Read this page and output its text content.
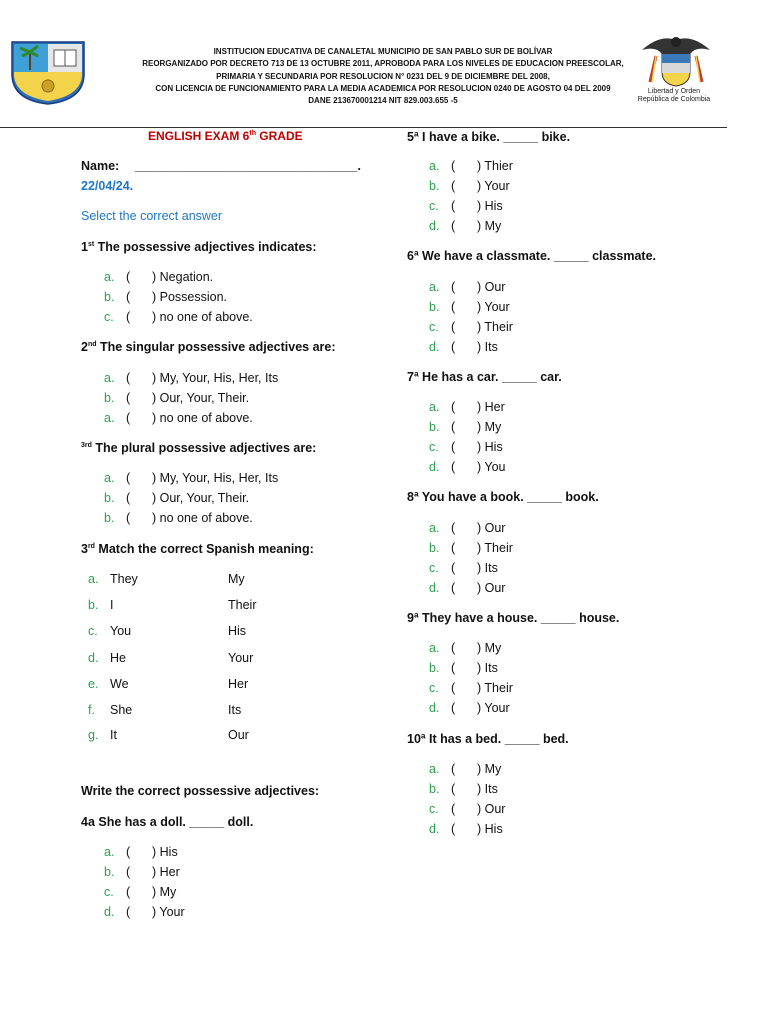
INSTITUCION EDUCATIVA DE CANALETAL MUNICIPIO DE SAN PABLO SUR DE BOLÍVAR
REORGANIZADO POR DECRETO 713 DE 13 OCTUBRE 2011, APROBODA PARA LOS NIVELES DE EDUCACION PREESCOLAR,
PRIMARIA Y SECUNDARIA POR RESOLUCION N° 0231 DEL 9 DE DICIEMBRE DEL 2008,
CON LICENCIA DE FUNCIONAMIENTO PARA LA MEDIA ACADEMICA POR RESOLUCION 0240 DE AGOSTO 04 DEL 2009
DANE 213670001214 NIT 829.003.655 -5
Libertad y Orden
República de Colombia
ENGLISH EXAM 6th GRADE
Name: ________________________________.
22/04/24.
Select the correct answer
1st The possessive adjectives indicates:
a. ( ) Negation.
b. ( ) Possession.
c. ( ) no one of above.
2nd The singular possessive adjectives are:
a. ( ) My, Your, His, Her, Its
b. ( ) Our, Your, Their.
a. ( ) no one of above.
$^{3rd}$ The plural possessive adjectives are:
a. ( ) My, Your, His, Her, Its
b. ( ) Our, Your, Their.
b. ( ) no one of above.
3rd Match the correct Spanish meaning:
a. They	My
b. I	Their
c. You	His
d. He	Your
e. We	Her
f. She	Its
g. It	Our
Write the correct possessive adjectives:
4a She has a doll. _____ doll.
a. ( ) His
b. ( ) Her
c. ( ) My
d. ( ) Your
5ª I have a bike. _____ bike.
a. ( ) Thier
b. ( ) Your
c. ( ) His
d. ( ) My
6ª We have a classmate. _____ classmate.
a. ( ) Our
b. ( ) Your
c. ( ) Their
d. ( ) Its
7ª He has a car. _____ car.
a. ( ) Her
b. ( ) My
c. ( ) His
d. ( ) You
8ª You have a book. _____ book.
a. ( ) Our
b. ( ) Their
c. ( ) Its
d. ( ) Our
9ª They have a house. _____ house.
a. ( ) My
b. ( ) Its
c. ( ) Their
d. ( ) Your
10ª It has a bed. _____ bed.
a. ( ) My
b. ( ) Its
c. ( ) Our
d. ( ) His
